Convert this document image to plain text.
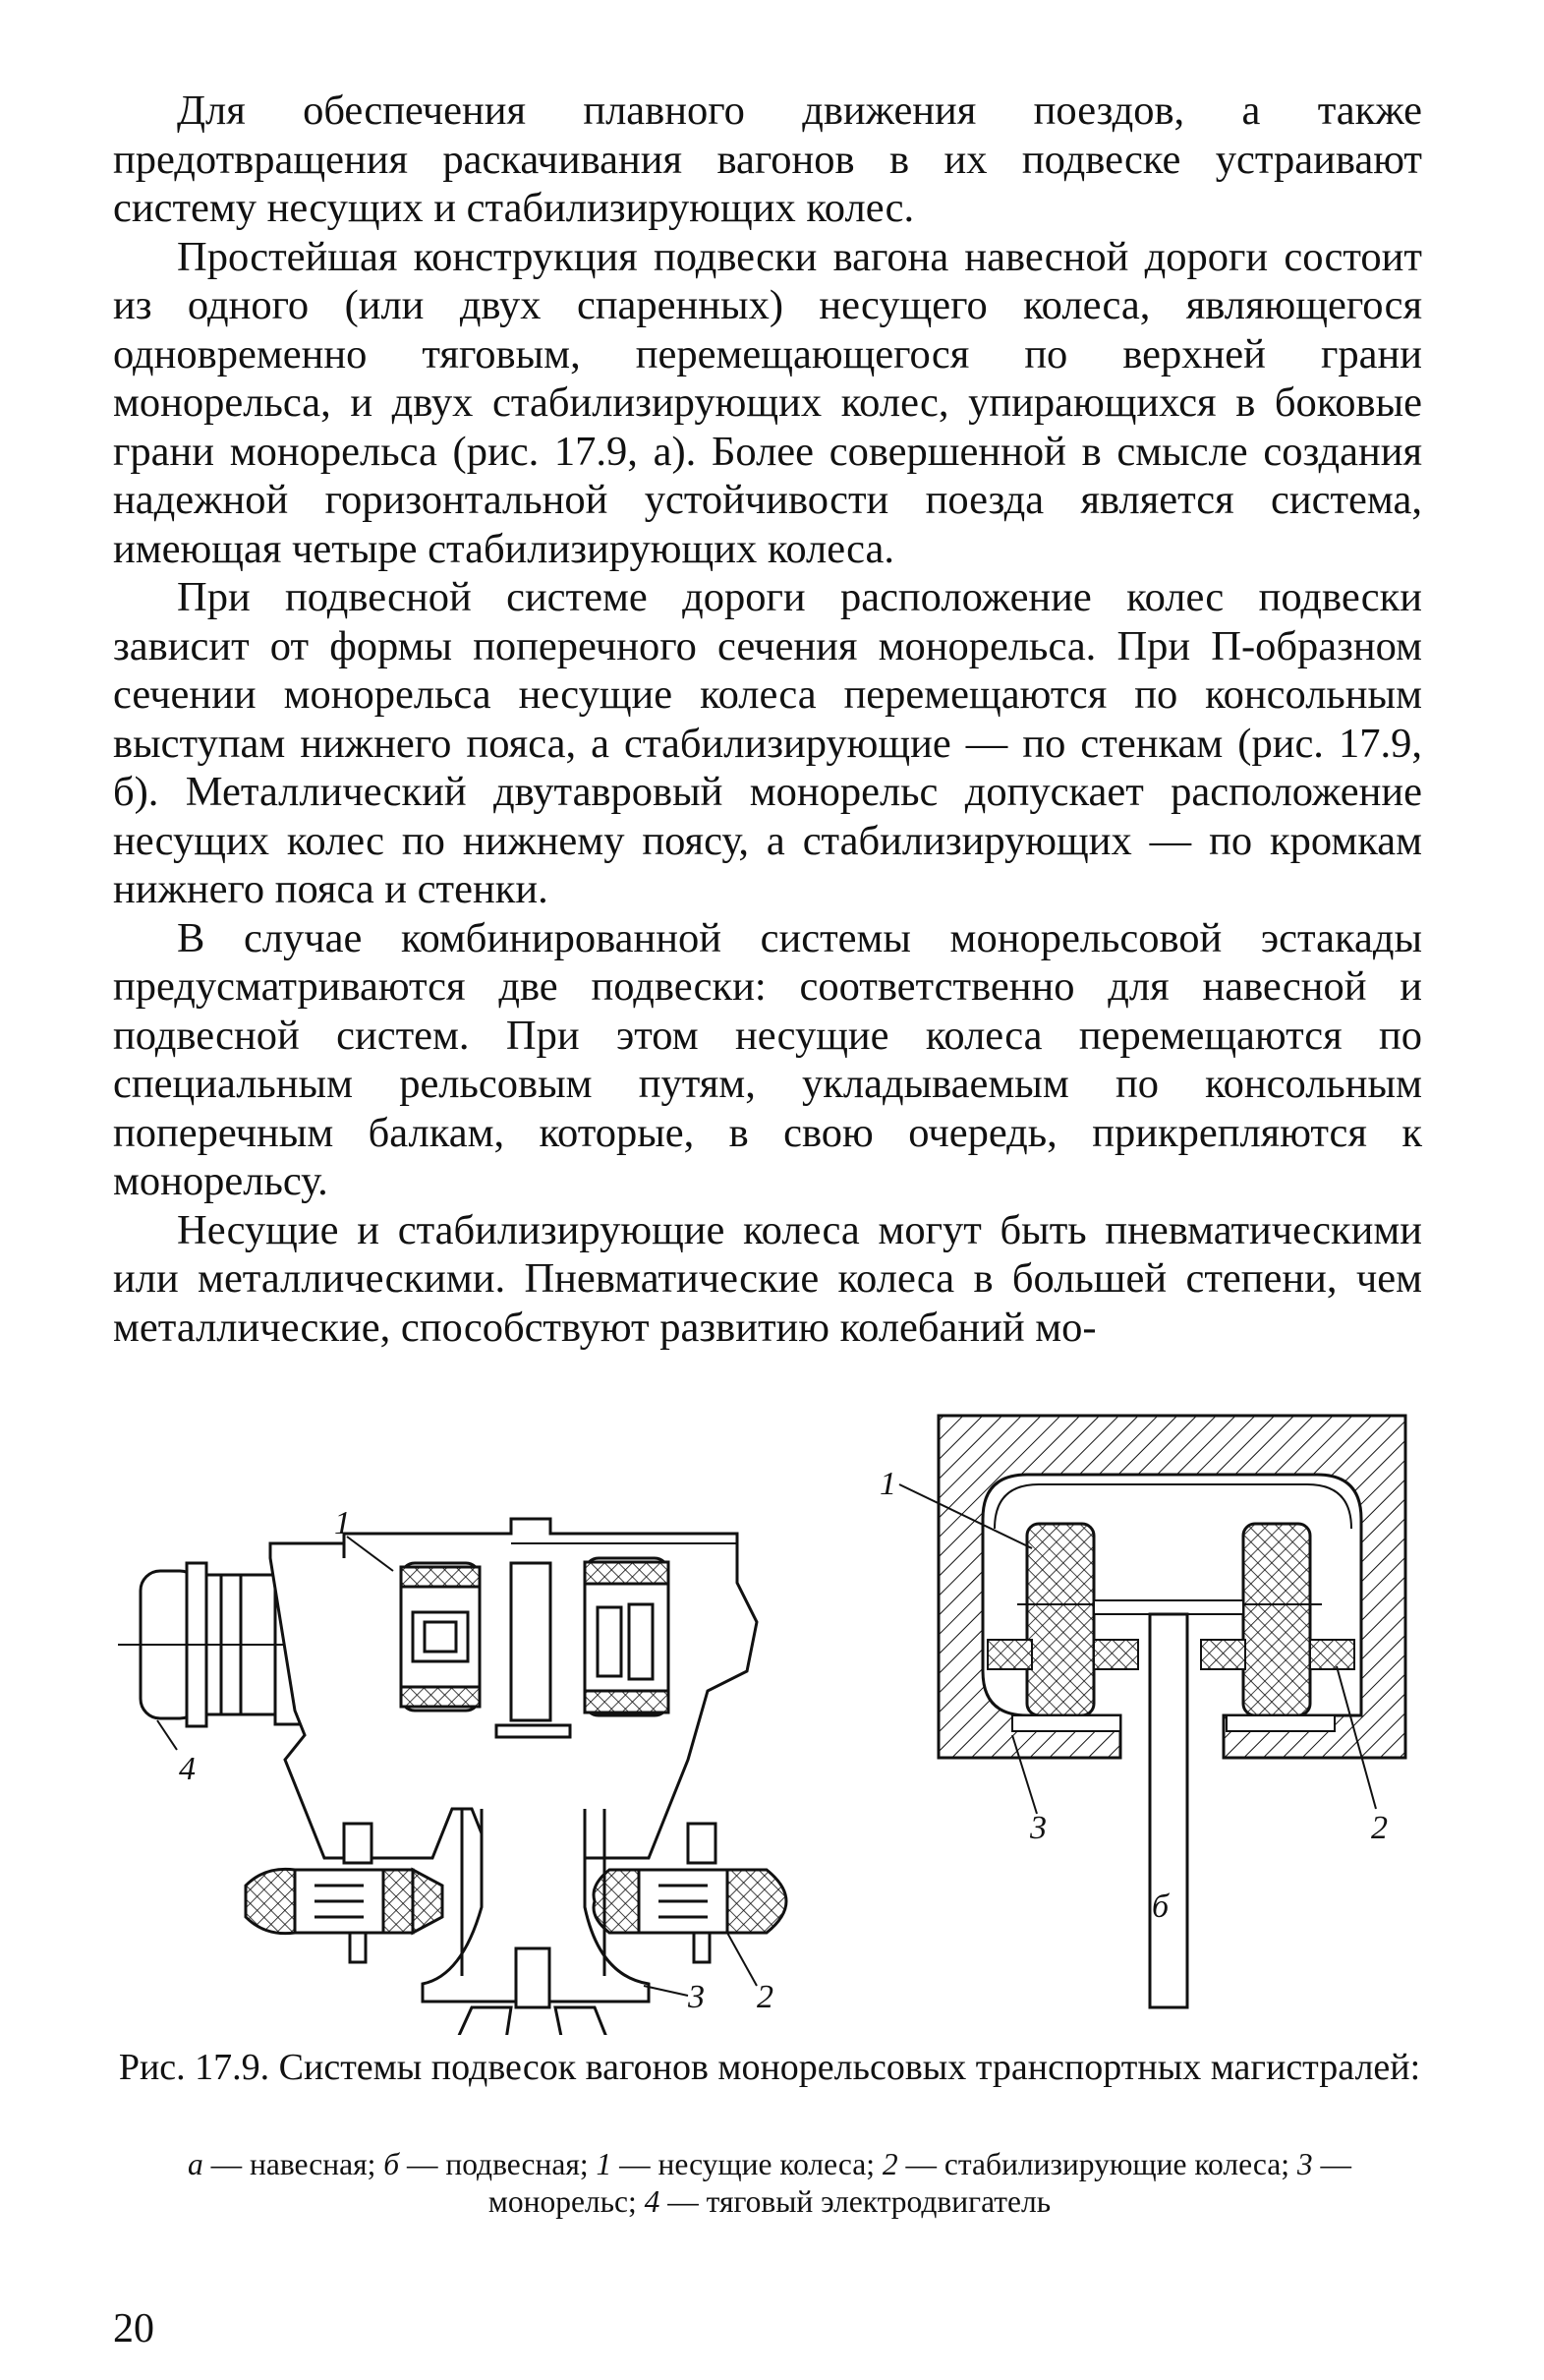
Для обеспечения плавного движения поездов, а также предотвращения раскачивания вагонов в их подвеске устраивают систему несущих и стабилизирующих колес.

Простейшая конструкция подвески вагона навесной дороги состоит из одного (или двух спаренных) несущего колеса, являющегося одновременно тяговым, перемещающегося по верхней грани монорельса, и двух стабилизирующих колес, упирающихся в боковые грани монорельса (рис. 17.9, а). Более совершенной в смысле создания надежной горизонтальной устойчивости поезда является система, имеющая четыре стабилизирующих колеса.

При подвесной системе дороги расположение колес подвески зависит от формы поперечного сечения монорельса. При П-образном сечении монорельса несущие колеса перемещаются по консольным выступам нижнего пояса, а стабилизирующие — по стенкам (рис. 17.9, б). Металлический двутавровый монорельс допускает расположение несущих колес по нижнему поясу, а стабилизирующих — по кромкам нижнего пояса и стенки.

В случае комбинированной системы монорельсовой эстакады предусматриваются две подвески: соответственно для навесной и подвесной систем. При этом несущие колеса перемещаются по специальным рельсовым путям, укладываемым по консольным поперечным балкам, которые, в свою очередь, прикрепляются к монорельсу.

Несущие и стабилизирующие колеса могут быть пневматическими или металлическими. Пневматические колеса в большей степени, чем металлические, способствуют развитию колебаний мо-

1
4
3 2
1
3	2
б
Рис. 17.9. Системы подвесок вагонов монорельсовых транспортных магистралей:
а — навесная; б — подвесная; 1 — несущие колеса; 2 — стабилизирующие колеса; 3 — монорельс; 4 — тяговый электродвигатель
20
